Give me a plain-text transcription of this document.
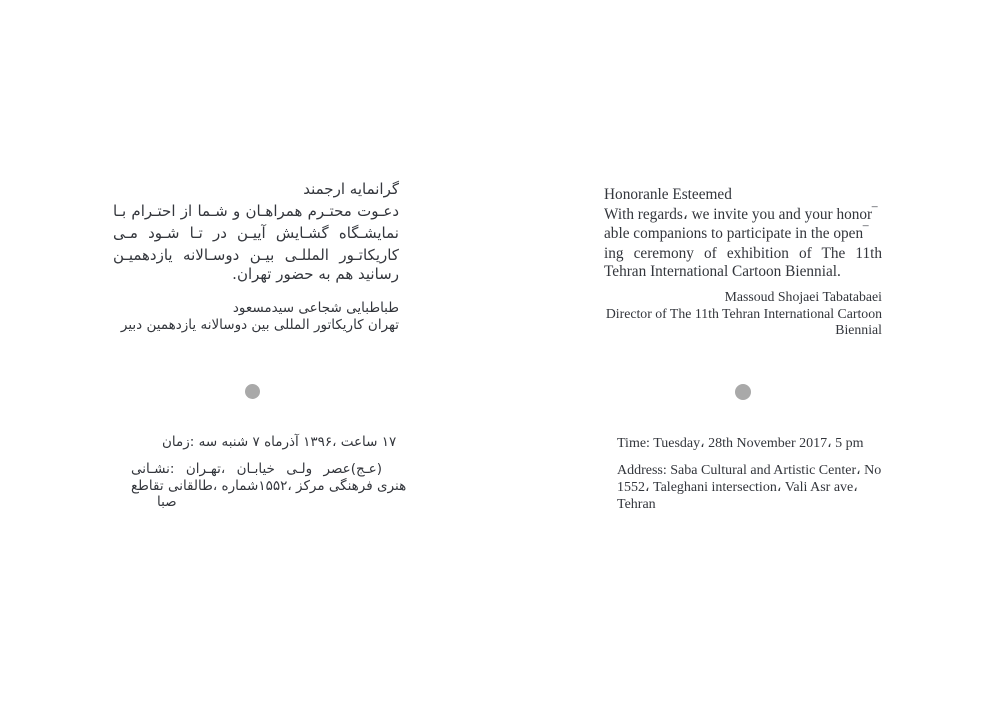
ارجمند گرانمایه
بـا احتـرام از شـما و همراهـان محتـرم دعـوت
مـی شـود تـا در آییـن گشـایش نمایشـگاه
یازدهمیـن دوسـالانه بیـن المللـی کاریکاتـور
.تهران حضور به هم رسانید
سیدمسعود شجاعی طباطبایی
دبیر یازدهمین دوسالانه بین المللی کاریکاتور تهران
زمان: سه شنبه ۷ آذرماه ۱۳۹۶، ساعت ۱۷
نشـانی: تهـران، خیابـان ولـی عصر(عـج)
تقاطع طالقانی، شماره۱۵۵۲، مرکز فرهنگی هنری
صبا
Honoranle Esteemed
With regards، we invite you and your honor‾
able companions to participate in the open‾
ing ceremony of exhibition of The 11th
Tehran International Cartoon Biennial.
Massoud Shojaei Tabatabaei
Director of The 11th Tehran International Cartoon
Biennial
Time: Tuesday، 28th November 2017، 5 pm
Address: Saba Cultural and Artistic Center، No
1552، Taleghani intersection، Vali Asr ave،
Tehran
